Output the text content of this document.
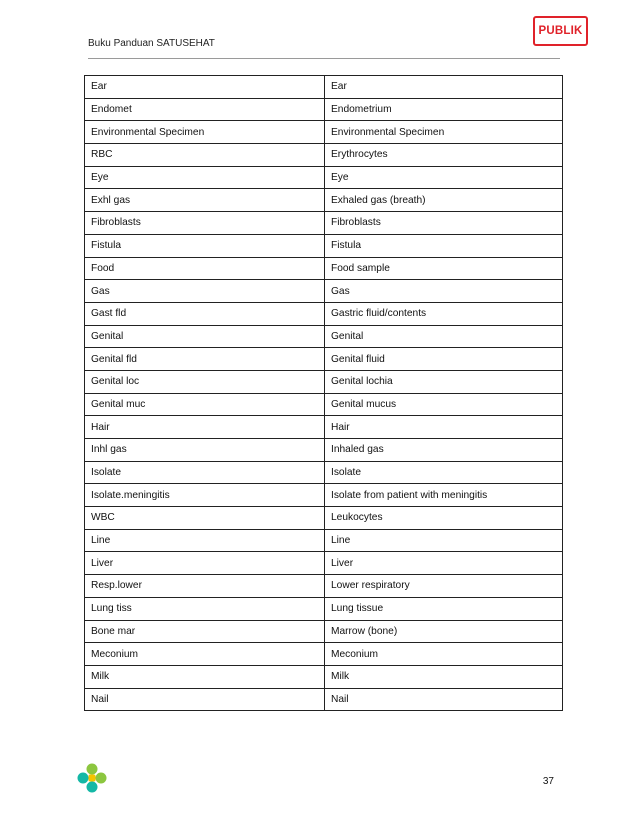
PUBLIK
Buku Panduan SATUSEHAT
Ear	Ear
Endomet	Endometrium
Environmental Specimen	Environmental Specimen
RBC	Erythrocytes
Eye	Eye
Exhl gas	Exhaled gas (breath)
Fibroblasts	Fibroblasts
Fistula	Fistula
Food	Food sample
Gas	Gas
Gast fld	Gastric fluid/contents
Genital	Genital
Genital fld	Genital fluid
Genital loc	Genital lochia
Genital muc	Genital mucus
Hair	Hair
Inhl gas	Inhaled gas
Isolate	Isolate
Isolate.meningitis	Isolate from patient with meningitis
WBC	Leukocytes
Line	Line
Liver	Liver
Resp.lower	Lower respiratory
Lung tiss	Lung tissue
Bone mar	Marrow (bone)
Meconium	Meconium
Milk	Milk
Nail	Nail
37
